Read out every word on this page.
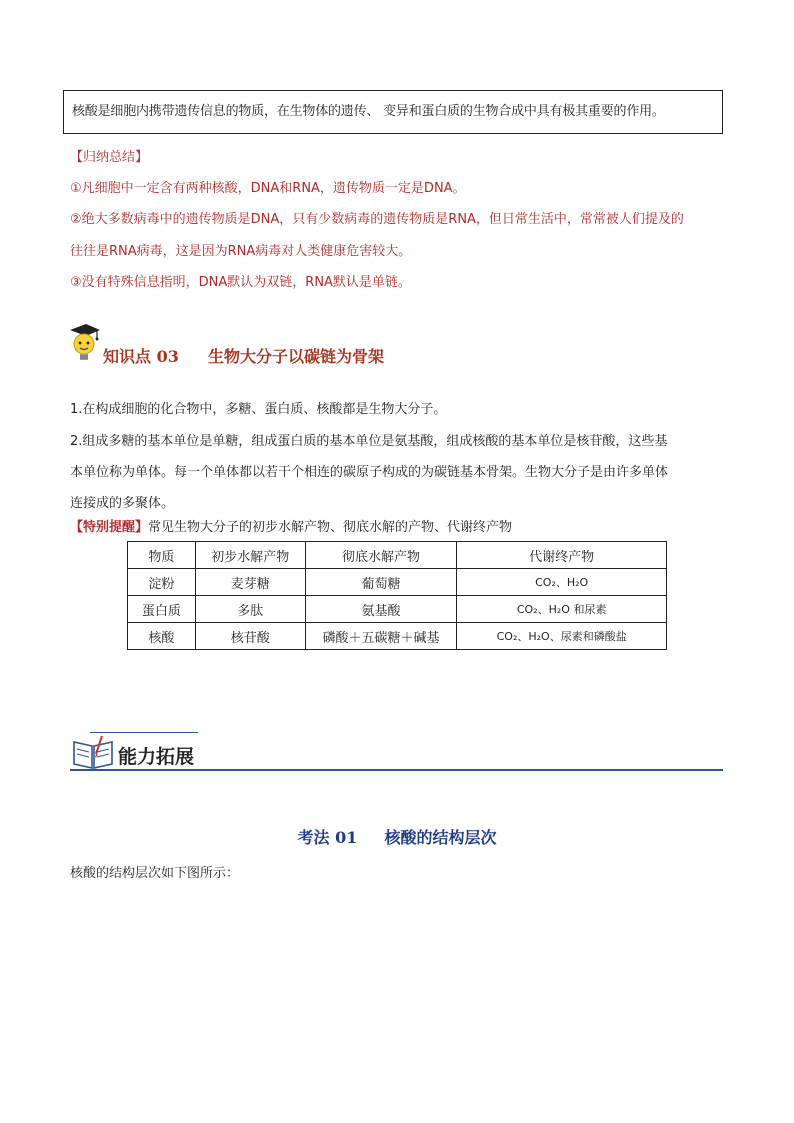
核酸是细胞内携带遗传信息的物质，在生物体的遗传、 变异和蛋白质的生物合成中具有极其重要的作用。
【归纳总结】
①凡细胞中一定含有两种核酸，DNA和RNA，遗传物质一定是DNA。
②绝大多数病毒中的遗传物质是DNA，只有少数病毒的遗传物质是RNA，但日常生活中，常常被人们提及的
往往是RNA病毒，这是因为RNA病毒对人类健康危害较大。
③没有特殊信息指明，DNA默认为双链，RNA默认是单链。
知识点 03 生物大分子以碳链为骨架
1.在构成细胞的化合物中，多糖、蛋白质、核酸都是生物大分子。
2.组成多糖的基本单位是单糖，组成蛋白质的基本单位是氨基酸，组成核酸的基本单位是核苷酸，这些基
本单位称为单体。每一个单体都以若干个相连的碳原子构成的为碳链基本骨架。生物大分子是由许多单体
连接成的多聚体。
【特别提醒】常见生物大分子的初步水解产物、彻底水解的产物、代谢终产物
物质	初步水解产物	彻底水解产物	代谢终产物
淀粉	麦芽糖	葡萄糖	CO₂、H₂O
蛋白质	多肽	氨基酸	CO₂、H₂O 和尿素
核酸	核苷酸	磷酸＋五碳糖＋碱基	CO₂、H₂O、尿素和磷酸盐
能力拓展
考法 01 核酸的结构层次
核酸的结构层次如下图所示：
